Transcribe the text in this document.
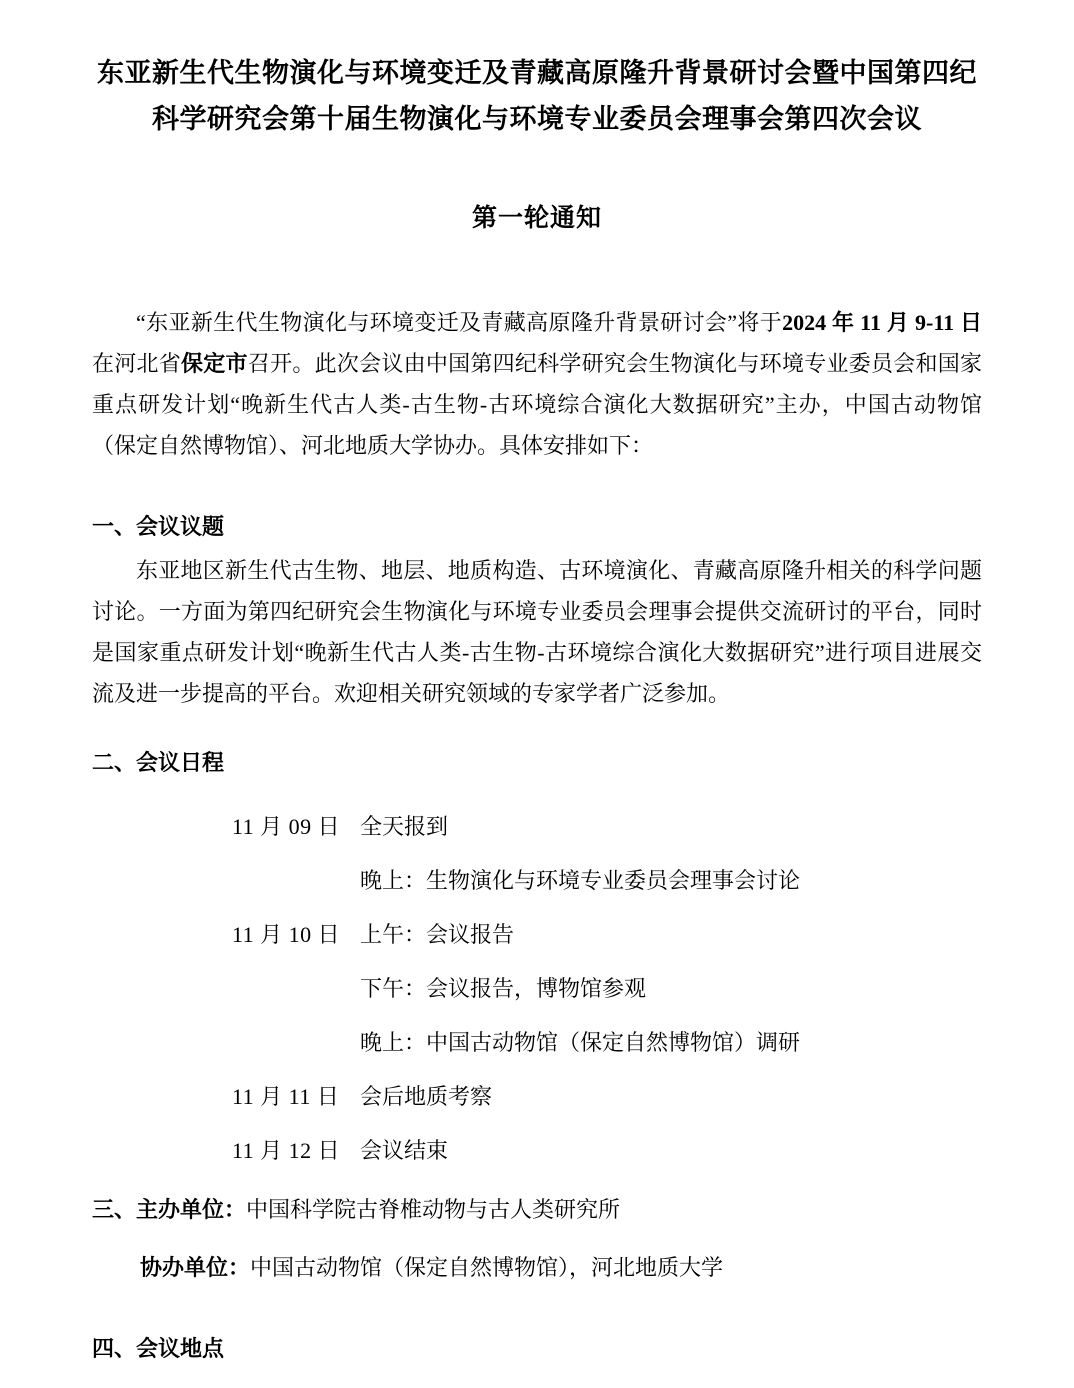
东亚新生代生物演化与环境变迁及青藏高原隆升背景研讨会暨中国第四纪
科学研究会第十届生物演化与环境专业委员会理事会第四次会议
第一轮通知

“东亚新生代生物演化与环境变迁及青藏高原隆升背景研讨会”将于2024 年 11 月 9-11 日在河北省保定市召开。此次会议由中国第四纪科学研究会生物演化与环境专业委员会和国家重点研发计划“晚新生代古人类-古生物-古环境综合演化大数据研究”主办，中国古动物馆（保定自然博物馆）、河北地质大学协办。具体安排如下：

一、会议议题

东亚地区新生代古生物、地层、地质构造、古环境演化、青藏高原隆升相关的科学问题讨论。一方面为第四纪研究会生物演化与环境专业委员会理事会提供交流研讨的平台，同时是国家重点研发计划“晚新生代古人类-古生物-古环境综合演化大数据研究”进行项目进展交流及进一步提高的平台。欢迎相关研究领域的专家学者广泛参加。

二、会议日程
11 月 09 日 全天报到
晚上：生物演化与环境专业委员会理事会讨论
11 月 10 日 上午：会议报告
下午：会议报告，博物馆参观
晚上：中国古动物馆（保定自然博物馆）调研
11 月 11 日 会后地质考察
11 月 12 日 会议结束
三、主办单位：中国科学院古脊椎动物与古人类研究所
协办单位：中国古动物馆（保定自然博物馆），河北地质大学
四、会议地点
